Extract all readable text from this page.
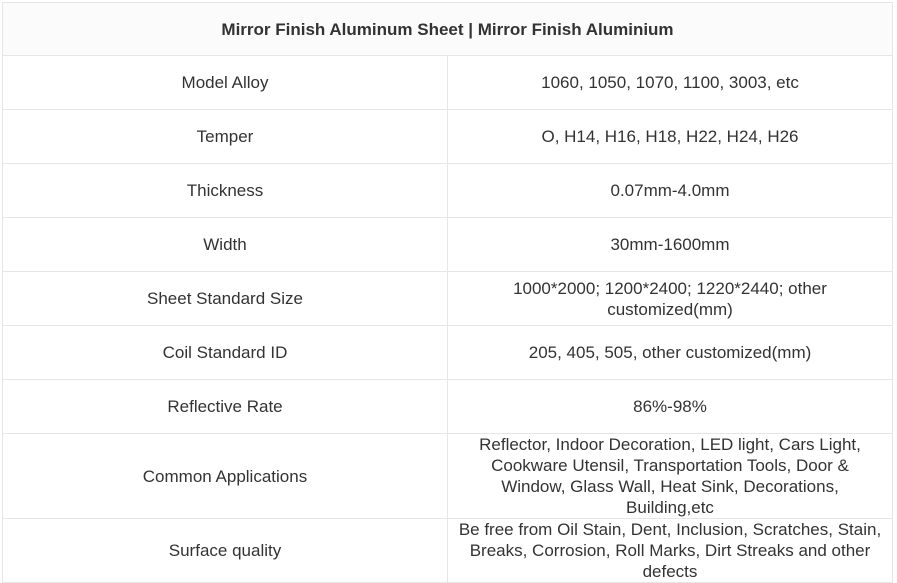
Mirror Finish Aluminum Sheet | Mirror Finish Aluminium	
Model Alloy	1060, 1050, 1070, 1100, 3003, etc
Temper	O, H14, H16, H18, H22, H24, H26
Thickness	0.07mm-4.0mm
Width	30mm-1600mm
Sheet Standard Size	1000*2000; 1200*2400; 1220*2440; other customized(mm)
Coil Standard ID	205, 405, 505, other customized(mm)
Reflective Rate	86%-98%
Common Applications	Reflector, Indoor Decoration, LED light, Cars Light, Cookware Utensil, Transportation Tools, Door & Window, Glass Wall, Heat Sink, Decorations, Building,etc
Surface quality	Be free from Oil Stain, Dent, Inclusion, Scratches, Stain, Breaks, Corrosion, Roll Marks, Dirt Streaks and other defects
